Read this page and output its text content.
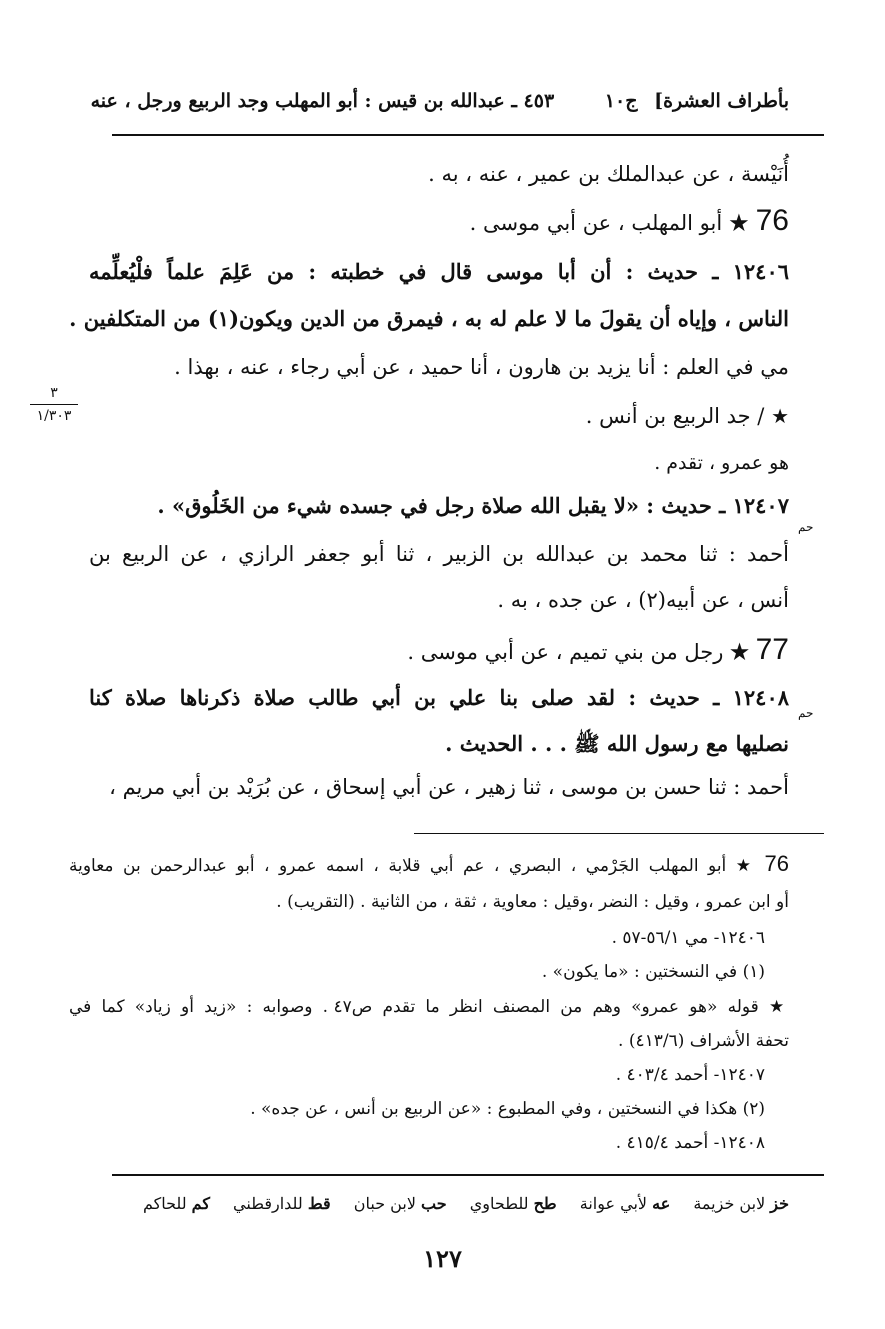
بأطراف العشرة] ج١٠ ٤٥٣ ـ عبدالله بن قيس : أبو المهلب وجد الربيع ورجل ، عنه
أُنَيْسة ، عن عبدالملك بن عمير ، عنه ، به .
76 ★ أبو المهلب ، عن أبي موسى .
١٢٤٠٦ ـ حديث : أن أبا موسى قال في خطبته : من عَلِمَ علماً فلْيُعلِّمه
الناس ، وإياه أن يقولَ ما لا علم له به ، فيمرق من الدين ويكون(١) من المتكلفين .
مي في العلم : أنا يزيد بن هارون ، أنا حميد ، عن أبي رجاء ، عنه ، بهذا .
★ / جد الربيع بن أنس .
هو عمرو ، تقدم .
١٢٤٠٧ ـ حديث : «لا يقبل الله صلاة رجل في جسده شيء من الخَلُوق» .
أحمد : ثنا محمد بن عبدالله بن الزبير ، ثنا أبو جعفر الرازي ، عن الربيع بن
أنس ، عن أبيه(٢) ، عن جده ، به .
77 ★ رجل من بني تميم ، عن أبي موسى .
١٢٤٠٨ ـ حديث : لقد صلى بنا علي بن أبي طالب صلاة ذكرناها صلاة كنا
نصليها مع رسول الله ﷺ . . . الحديث .
أحمد : ثنا حسن بن موسى ، ثنا زهير ، عن أبي إسحاق ، عن بُرَيْد بن أبي مريم ،
حم
حم
٣
١/٣٠٣
76 ★ أبو المهلب الجَرْمي ، البصري ، عم أبي قلابة ، اسمه عمرو ، أبو عبدالرحمن بن معاوية
أو ابن عمرو ، وقيل : النضر ،وقيل : معاوية ، ثقة ، من الثانية . (التقريب) .
١٢٤٠٦- مي ٥٦/١-٥٧ .
(١) في النسختين : «ما يكون» .
★ قوله «هو عمرو» وهم من المصنف انظر ما تقدم ص٤٧ . وصوابه : «زيد أو زياد» كما في
تحفة الأشراف (٤١٣/٦) .
١٢٤٠٧- أحمد ٤٠٣/٤ .
(٢) هكذا في النسختين ، وفي المطبوع : «عن الربيع بن أنس ، عن جده» .
١٢٤٠٨- أحمد ٤١٥/٤ .
خز لابن خزيمة عه لأبي عوانة طح للطحاوي حب لابن حبان قط للدارقطني كم للحاكم
١٢٧
